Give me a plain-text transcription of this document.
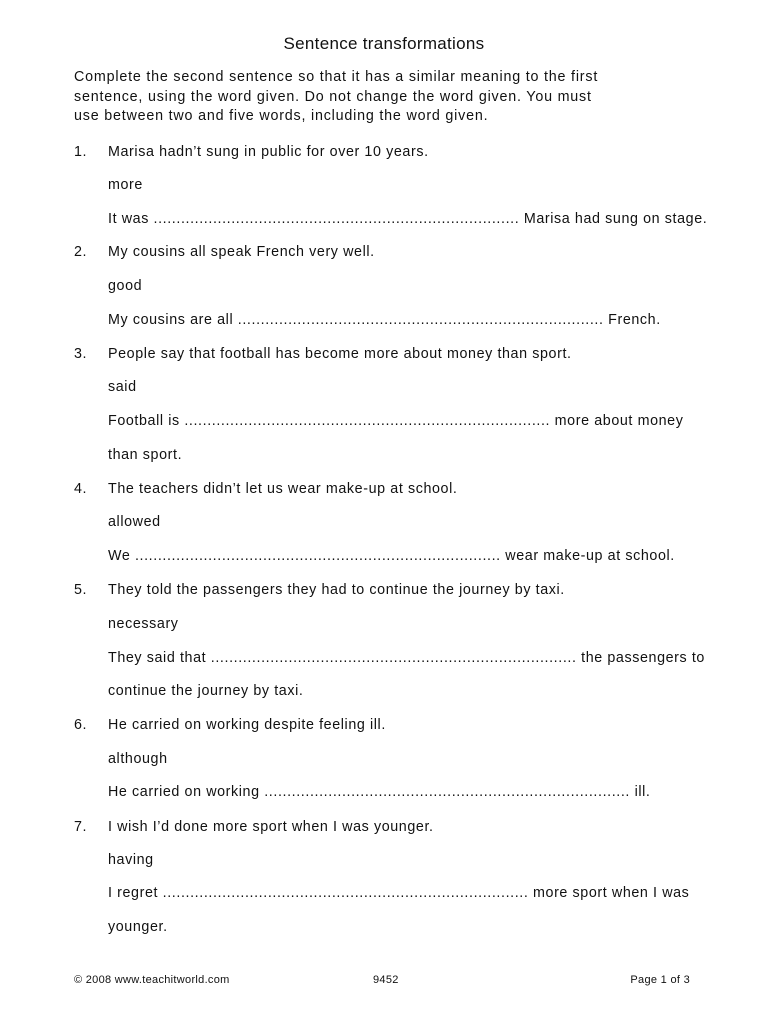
Sentence transformations

Complete the second sentence so that it has a similar meaning to the first

sentence, using the word given. Do not change the word given. You must

use between two and five words, including the word given.

1. Marisa hadn’t sung in public for over 10 years.
more
It was ................................................................................ Marisa had sung on stage.
2. My cousins all speak French very well.
good
My cousins are all ................................................................................ French.
3. People say that football has become more about money than sport.
said
Football is ................................................................................ more about money
than sport.
4. The teachers didn’t let us wear make-up at school.
allowed
We ................................................................................ wear make-up at school.
5. They told the passengers they had to continue the journey by taxi.
necessary
They said that ................................................................................ the passengers to
continue the journey by taxi.
6. He carried on working despite feeling ill.
although
He carried on working ................................................................................ ill.
7. I wish I’d done more sport when I was younger.
having
I regret ................................................................................ more sport when I was
younger.
© 2008 www.teachitworld.com	9452	Page 1 of 3
